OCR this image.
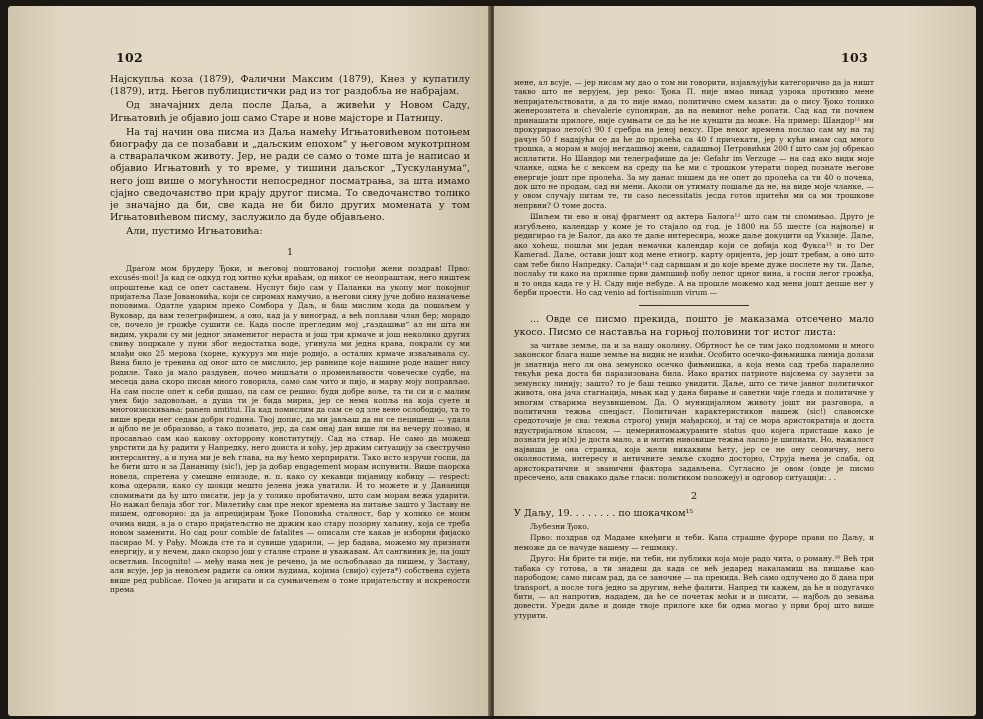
102

Најскупља коза (1879), Фалични Максим (1879), Кнез у купатилу (1879), итд. Његов публицистички рад из тог раздобља не набрајам.

Од значајних дела после Даља, а живећи у Новом Саду, Игњатовић је објавио још само Старе и нове мајсторе и Патницу.

На тај начин ова писма из Даља намећу Игњатовићевом потоњем биографу да се позабави и „дaљским епохом“ у његовом мукотрпном а стваралачком животу. Јер, не ради се само о томе шта је написао и објавио Игњатовић у то време, у тишини даљског „Тускуланума“, него још више о могућности непосредног посматрања, за шта имамо сјајно сведочанство при крају другог писма. То сведочанство толико је значајно да би, све када не би било других момената у том Игњатовићевом писму, заслужило да буде објављено.

Али, пустимо Игњатовића:

1

Драгом мом брудеру Ђоки, и његовој поштованој госпођи жени поздрав! Прво: excusés-moi! Ја кад се одкуд год хитно кући враћам, од никог се неопраштам, него ништем опроштење кад се опет састанем. Нуспут бијо сам у Паланки на укопу мог покојног пријатеља Лазе Јовановића, који се сиромах намучио, а његови сину јуче добио назначење поповима. Одатле ударим преко Сомбора у Даљ, и баш мислим кода да пошаљем у Вуковар, да вам телеграфишем, а оно, кад ја у виноград, а већ поплави члан бер; морадо се, почело је грожђе сушити се. Када после прегледим мој „газдашњи“ ал ни шта ни видим, украли су ми једног знаменитог нераста и још три крмаче и још неколико других свињу поцркале у пуни због недостатка воде, угинула ми једна крава, покрали су ми млађи око 25 мерова (хорне, кукуруз ми није родијо, а осталих крмаче изваљивала су. Вина било је тревина од оног што се мислило, јер равнице које нашине роде нашег нису родиле. Тако ја мало раздувен, почео мишљати о променљивости човеческе судбе, на месеца дана скоро писан много говорила, само сам чито и пијо, и марву мојy поправљао. На сам после опет к себи дошао, па сам се решио: буди добре воље, та ти си и с малим увек бијо задовољан, а душа ти је бида мирна, јер се нема копља на која суете и многоизискивања: panem amtitui. Па кад помислим да сам се од зле вене ослободијо, та то више вреди нег седам добри година. Твој допис, да ми јављаш да ни се пецишеш — удала и ајбло не је образовао, а тако познато, јер, да сам онај дан више ли на вечеру позвао, и просављао сам као какову охторрону конститутију. Сад на ствар. Не само да можеш уврстити да ћу радити у Напредку, него доиста и хоћу, јер држим ситуацију за свестручно интерсантну, а и пуна ми је већ глава, на њу ћемо херприрати. Тако исто изручи госпи, да ће бити што и за Дананицу (sic!), jер ја добар engagement морам испунити. Више паорска новела, спретена у смешне епизоде, н. п. како су кекавци пијаницу кобицу — respect: коња одерали, како су шокци мешто јелена јежа уватили. И то можете и у Дананици спомињати да ћу што писати, јер ја у толико пробитачно, што сам морам вежа ударити. Но нажал белаја због тог. Милетићу сам пре неког времена на питање зашто у Заставу не пишем, одговорио: да ја апрецијирам Ђоке Поповића сталност, бар у колико се моим очима види, а ја о старо пријатељство не држим као стару позорну хаљину, која се треба новом заменити. Но сад pour comble de fatalites — описали сте какав је изборни фијаско пасирао М. у Рађу. Можда сте га и сувише ударили, — јер бадава, можемо му признати енергију, и у нечем, дако скорзо још у сталне стране и уважавам. Ал сангвиник је, па јошт осветљив. Incognito! — међу нама нек је речено, ја ме осљобљавао да пишем, у Заставу, али всује, јер ја невољем радити са оним људима, којима (свијо) сујета*) собствена сујета више ред publicae. Почео ја агирати и са сумњичењем о томе пријатељству и искрености према

103

мене, ал всује, — јер нисам му дао о том ни говорити, изјављујући категорично да ја ништ такво што не верујем, јер реко: Ђока П. није имао никад узрока противно мене непријатељствовати, а да то није имао, политично смем казати: да о пису Ђоко толико женерозитета и chevalerie супониран, да на невиног неће ропати. Сад кад ти почнем принашати прилоге, није сумњати се да ће не куншти да може. На пример: Шандор¹¹ ми прокурирао лето(с) 90 f сребра на јеној вексу. Пре неког времена послао сам му на тај рачун 50 f надајући се да ће до пролећа са 40 f причекати, јер у кући имам сад много трошка, а морам и мојој негдашњој жени, садашњој Петровићки 200 f што сам јој обрекао исплатити. Но Шандор ми телеграфише да је: Gefahr im Verzuge — на сад ако види моје чланке, одма ће с вексем на среду па ће ми с трошком утерати поред познате његове енергије јошт пре пролећа. За му данас пишем да не опет до пролећа са ти 40 о почека, док што не продам, сад ни мени. Аколи он утимату пошаље да не, на виде моје чланке, — у овом случају питам те, ти сaso necessitatis јесда готов притећи ми са ми трошкове непрвни? О томе доста.

Шиљем ти ево и онај фрагмент од актера Балога¹² што сам ти спомињао. Друго је изгубљено, календар у коме је то стајало од год. је 1800 на 55 шесте (са највоље) и редигирао га је Балог, да ако те даље интересира, може даље докуцити од Ухазије. Даље, ако хоћеш, пошљи ми један немачки календар који се добија код Фукса¹³ и то Der Kamerad. Даље, остави јошт код мене етиогр. карту оријента, јер јошт требам, а оно што сам тебе било Напредку. Салаји¹⁴ сад сарвшам и до које време дуже послете њу ти. Даље, послаћу ти како на прилике први дампшиф побу лепог црног вина, а госпи легог грожђа, и то онда када ге у Н. Саду није небуде. А на прошле можемо кад мени јошт депше нег у берби проести. Но сад venio ad fortissimum virum —

... Овде се писмо прекида, пошто је маказама отсечено мало укосо. Писмо се наставља на горњој половини тог истог листа:

за читаве земље, па и за нашу околину. Обртност ће се тим јако подломоми и много законског блага наше земље на видик не изићи. Особито осечко-фињмишка линија долази је знатнија него ли она земунско осечко фињмишка, а која нема сад треба паралелно текући река доста би паразизована била. Иако вратих патриоте најсвема су заузети за земунску линију; зашто? то је баш тешко увидити. Даље, што се тиче јавног политичког живота, она јача стагнација, мњак кад у дана бирање и саветни чије гледа и политичне у многим стварима неузвишеном. Да. О муницијалном животу јошт ни разговора, а политични тежња спецјаст. Политичан карактеристикон нашеж (sic!) славонске средоточије је сва: тежња строгој унији мађарској, и тај се мора аристократија и доста ндустријалном класом, — цемерниномажураните status quo којега присташе како је познати јер и(х) је доста мало, а и мотив нивовише тежња ласно је шипиати. Но, нажалост највиша је она странка, која жели никаквим ћету, јер се не ону сеоничну, него околностима, интересу и античните земље сходно достојно, Струја њена је слаба, од аристократични и званични фактора задављена. Сугласно је овом (овде је писмо пресечено, али свакако даље гласи: политиком положеју) и одговор ситуацији: . .

2

У Даљу, 19. . . . . . . . по шокачком¹⁵

Љубезни Ђоко,

Прво: поздрав од Мадаме кнеђиги и теби. Капа страшне фуроре прави по Даљу, и неможе да се начуде вашему — гешмаку.

Друго: Ни брите ти није, ни теби, ни публики која моје радо чита, о роману.¹⁶ Већ три табака су готова, а ти знадеш да када се већ једаред накаламиш на пишање као парободом; само писам рад, да се заночне — па прекида. Већ само одлучено до 8 дана при transport, а после тога једно за другим, неће фалити. Напред ти кажем, да ће и подугачко бити, — ал напротив, нададем, да ће се почетак моћи и и писати, — најбољ до зевања довести. Уреди даље и доиде твоје прилоге кке би одма могао у први број што више утурити.
